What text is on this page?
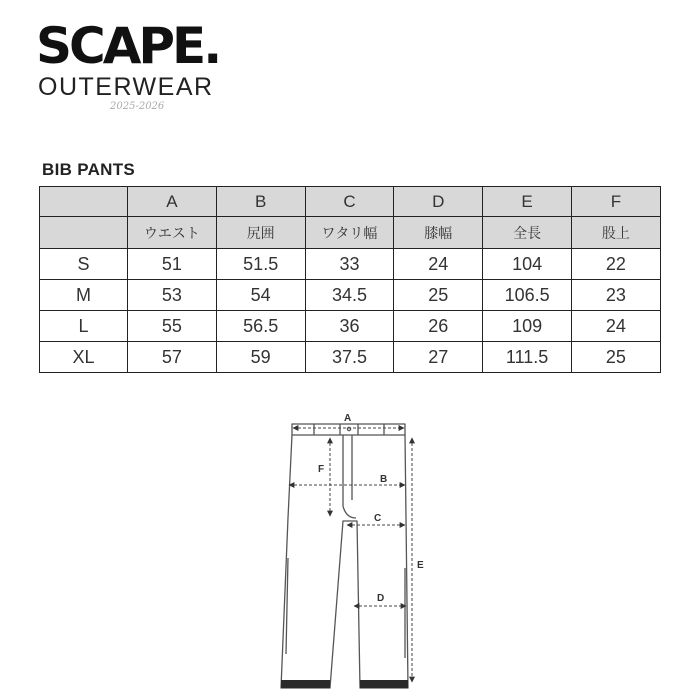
SCAPE.
OUTERWEAR
2025-2026
BIB PANTS
	A	B	C	D	E	F
	ウエスト	尻囲	ワタリ幅	膝幅	全長	股上
S	51	51.5	33	24	104	22
M	53	54	34.5	25	106.5	23
L	55	56.5	36	26	109	24
XL	57	59	37.5	27	111.5	25
A
B
F
C
D
E
